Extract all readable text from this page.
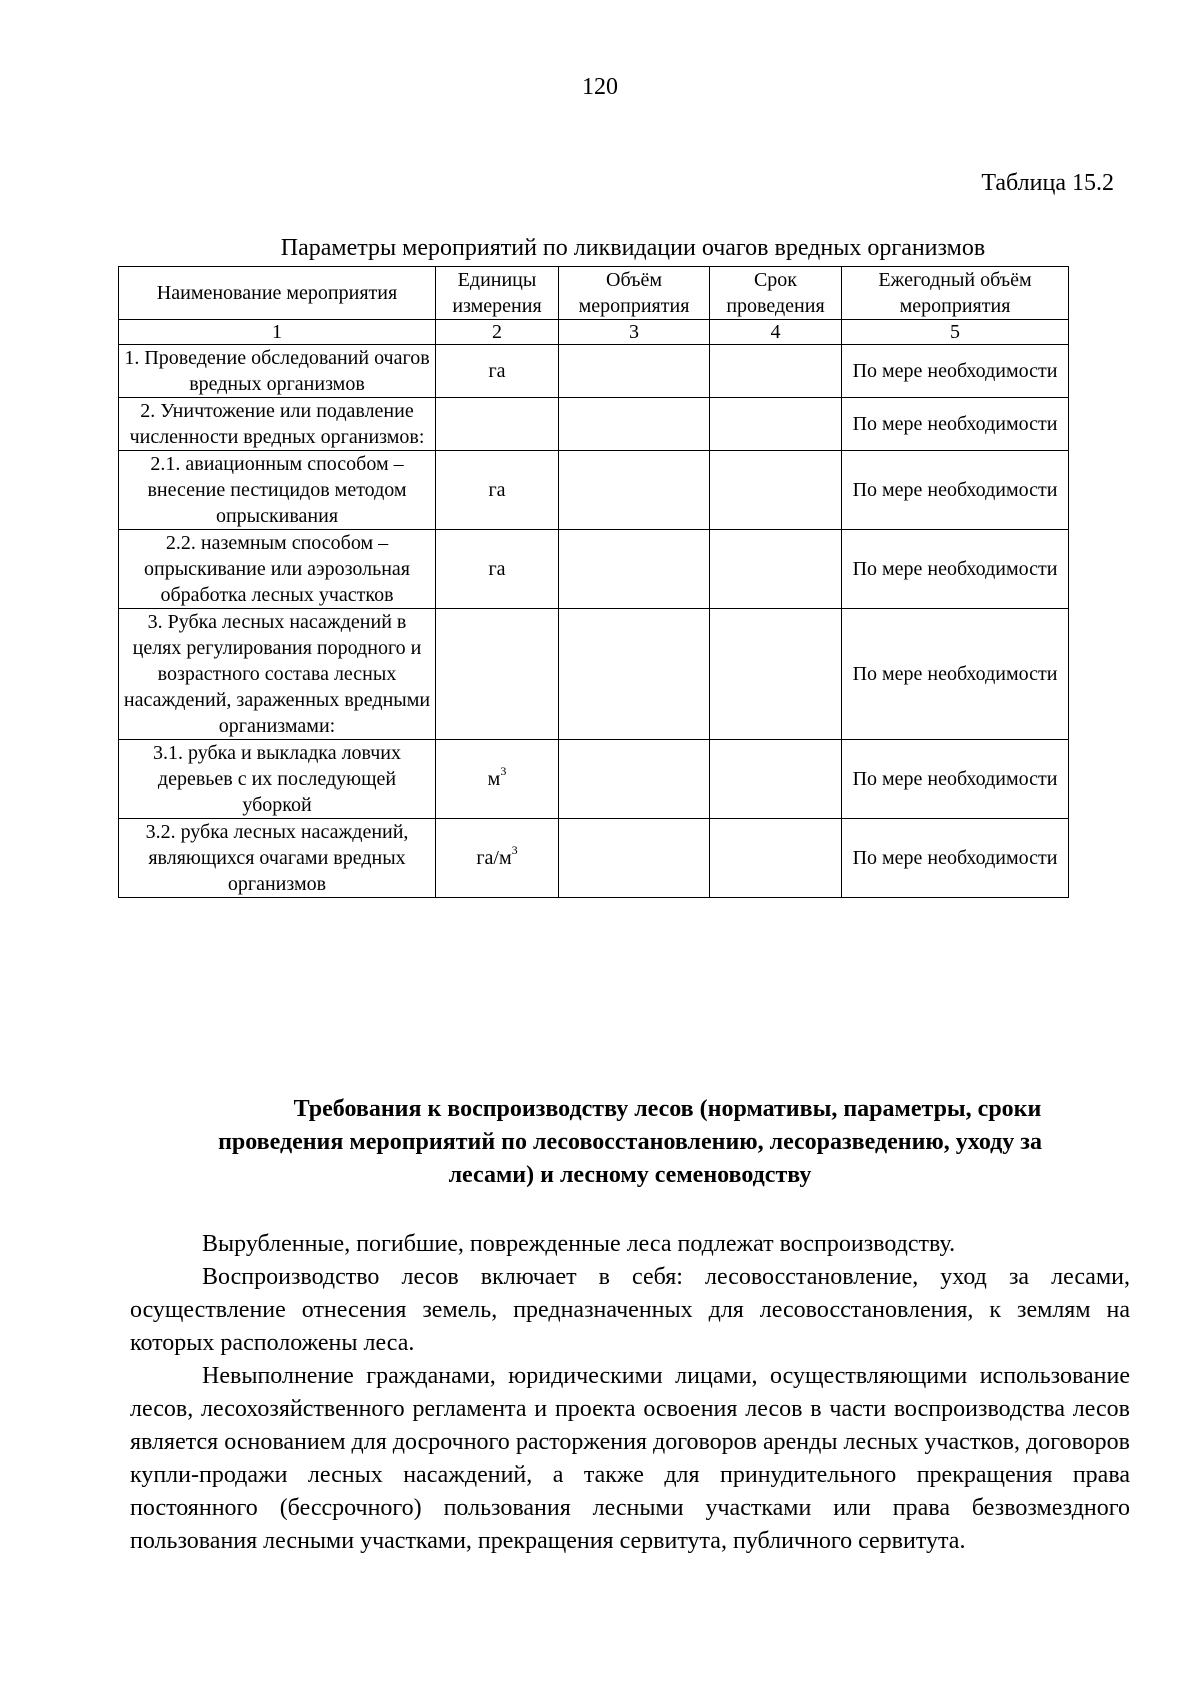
120
Таблица 15.2
Параметры мероприятий по ликвидации очагов вредных организмов
Наименование мероприятия	Единицы измерения	Объём мероприятия	Срок проведения	Ежегодный объём мероприятия
1	2	3	4	5
1. Проведение обследований очагов вредных организмов	га			По мере необходимости
2. Уничтожение или подавление численности вредных организмов:				По мере необходимости
2.1. авиационным способом – внесение пестицидов методом опрыскивания	га			По мере необходимости
2.2. наземным способом – опрыскивание или аэрозольная обработка лесных участков	га			По мере необходимости
3. Рубка лесных насаждений в целях регулирования породного и возрастного состава лесных насаждений, зараженных вредными организмами:				По мере необходимости
3.1. рубка и выкладка ловчих деревьев с их последующей уборкой	$м^3$			По мере необходимости
3.2. рубка лесных насаждений, являющихся очагами вредных организмов	$га/м^3$			По мере необходимости
Требования к воспроизводству лесов (нормативы, параметры, сроки
проведения мероприятий по лесовосстановлению, лесоразведению, уходу за
лесами) и лесному семеноводству

Вырубленные, погибшие, поврежденные леса подлежат воспроизводству.

Воспроизводство лесов включает в себя: лесовосстановление, уход за лесами, осуществление отнесения земель, предназначенных для лесовосстановления, к землям на которых расположены леса.

Невыполнение гражданами, юридическими лицами, осуществляющими использование лесов, лесохозяйственного регламента и проекта освоения лесов в части воспроизводства лесов является основанием для досрочного расторжения договоров аренды лесных участков, договоров купли-продажи лесных насаждений, а также для принудительного прекращения права постоянного (бессрочного) пользования лесными участками или права безвозмездного пользования лесными участками, прекращения сервитута, публичного сервитута.
